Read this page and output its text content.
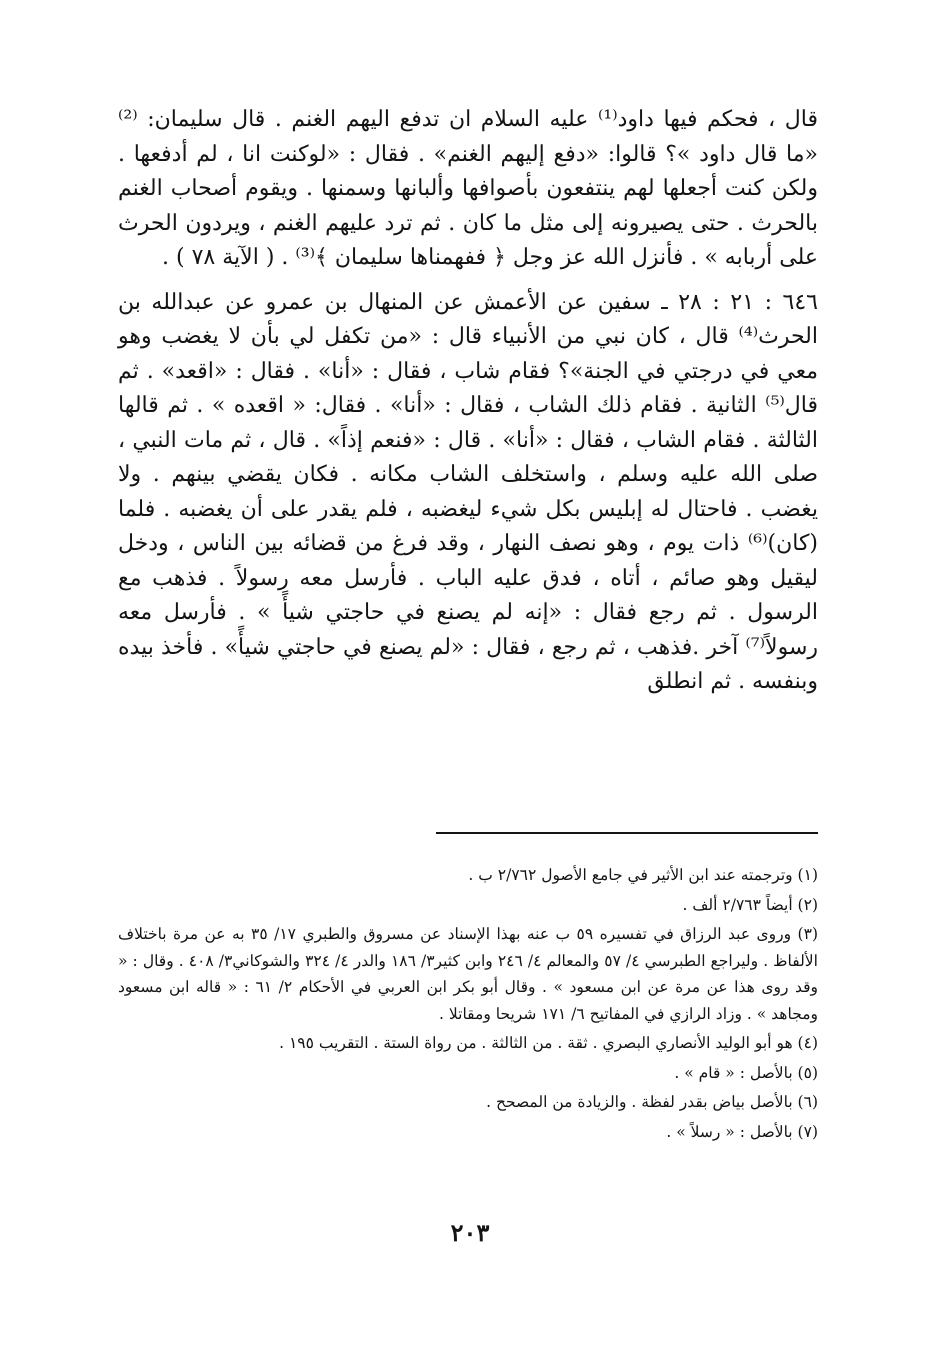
قال ، فحكم فيها داود⁽¹⁾ عليه السلام ان تدفع اليهم الغنم . قال سليمان: ⁽²⁾ «ما قال داود »؟ قالوا: «دفع إليهم الغنم» . فقال : «لوكنت انا ، لم أدفعها . ولكن كنت أجعلها لهم ينتفعون بأصوافها وألبانها وسمنها . ويقوم أصحاب الغنم بالحرث . حتى يصيرونه إلى مثل ما كان . ثم ترد عليهم الغنم ، ويردون الحرث على أربابه » . فأنزل الله عز وجل ﴿ ففهمناها سليمان ﴾⁽³⁾ . ( الآية ٧٨ ) .

٦٤٦ : ٢١ : ٢٨ ـ سفين عن الأعمش عن المنهال بن عمرو عن عبدالله بن الحرث⁽⁴⁾ قال ، كان نبي من الأنبياء قال : «من تكفل لي بأن لا يغضب وهو معي في درجتي في الجنة»؟ فقام شاب ، فقال : «أنا» . فقال : «اقعد» . ثم قال⁽⁵⁾ الثانية . فقام ذلك الشاب ، فقال : «أنا» . فقال: « اقعده » . ثم قالها الثالثة . فقام الشاب ، فقال : «أنا» . قال : «فنعم إذاً» . قال ، ثم مات النبي ، صلى الله عليه وسلم ، واستخلف الشاب مكانه . فكان يقضي بينهم . ولا يغضب . فاحتال له إبليس بكل شيء ليغضبه ، فلم يقدر على أن يغضبه . فلما (كان)⁽⁶⁾ ذات يوم ، وهو نصف النهار ، وقد فرغ من قضائه بين الناس ، ودخل ليقيل وهو صائم ، أتاه ، فدق عليه الباب . فأرسل معه رسولاً . فذهب مع الرسول . ثم رجع فقال : «إنه لم يصنع في حاجتي شيأً » . فأرسل معه رسولاً⁽⁷⁾ آخر .فذهب ، ثم رجع ، فقال : «لم يصنع في حاجتي شيأً» . فأخذ بيده وبنفسه . ثم انطلق

(١) وترجمته عند ابن الأثير في جامع الأصول ٢/٧٦٢ ب .

(٢) أيضاً ٢/٧٦٣ ألف .

(٣) وروى عبد الرزاق في تفسيره ٥٩ ب عنه بهذا الإسناد عن مسروق والطبري ١٧/ ٣٥ به عن مرة باختلاف الألفاظ . وليراجع الطبرسي ٤/ ٥٧ والمعالم ٤/ ٢٤٦ وابن كثير٣/ ١٨٦ والدر ٤/ ٣٢٤ والشوكاني٣/ ٤٠٨ . وقال : « وقد روى هذا عن مرة عن ابن مسعود » . وقال أبو بكر ابن العربي في الأحكام ٢/ ٦١ : « قاله ابن مسعود ومجاهد » . وزاد الرازي في المفاتيح ٦/ ١٧١ شريحا ومقاتلا .

(٤) هو أبو الوليد الأنصاري البصري . ثقة . من الثالثة . من رواة الستة . التقريب ١٩٥ .

(٥) بالأصل : « قام » .

(٦) بالأصل بياض بقدر لفظة . والزيادة من المصحح .

(٧) بالأصل : « رسلاً » .

٢٠٣
